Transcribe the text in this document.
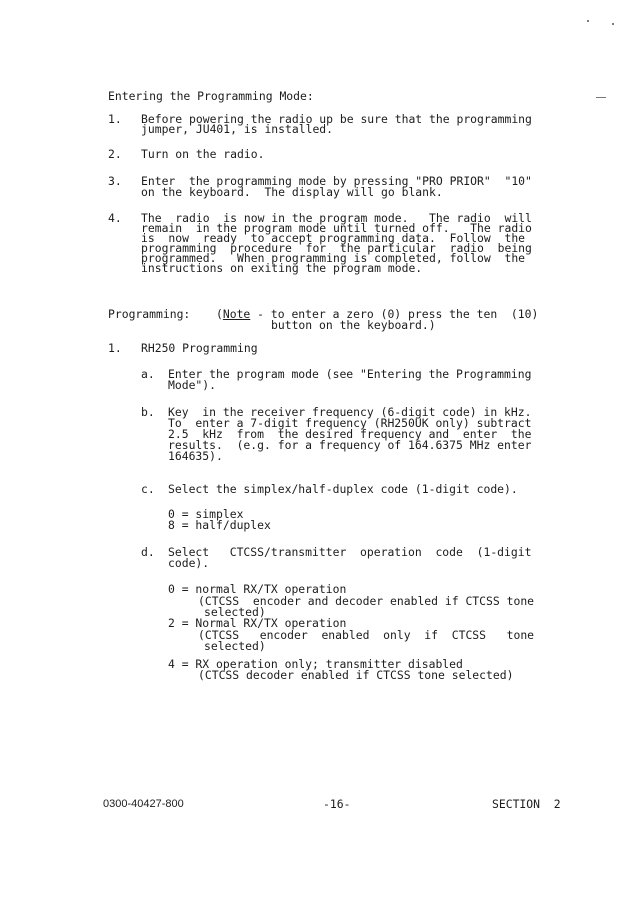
Entering the Programming Mode:
1. Before powering the radio up be sure that the programming
jumper, JU401, is installed.
2. Turn on the radio.
3. Enter  the programming mode by pressing "PRO PRIOR"  "10"
on the keyboard.  The display will go blank.
4. The  radio  is now in the program mode.   The radio  will
remain  in the program mode until turned off.   The radio
is  now  ready  to accept programming data.  Follow  the
programming  procedure  for  the particular  radio  being
programmed.   When programming is completed, follow  the
instructions on exiting the program mode.
Programming: (Note - to enter a zero (0) press the ten  (10)
button on the keyboard.)
1. RH250 Programming
a. Enter the program mode (see "Entering the Programming
Mode").
b. Key  in the receiver frequency (6-digit code) in kHz.
To  enter a 7-digit frequency (RH250UK only) subtract
2.5  kHz  from  the desired frequency and  enter  the
results.  (e.g. for a frequency of 164.6375 MHz enter
164635).
c. Select the simplex/half-duplex code (1-digit code).
0 = simplex
8 = half/duplex
d. Select   CTCSS/transmitter  operation  code  (1-digit
code).
0 = normal RX/TX operation
(CTCSS  encoder and decoder enabled if CTCSS tone
selected)
2 = Normal RX/TX operation
(CTCSS   encoder  enabled  only  if  CTCSS   tone
selected)
4 = RX operation only; transmitter disabled
(CTCSS decoder enabled if CTCSS tone selected)
0300-40427-800	-16-	SECTION  2
